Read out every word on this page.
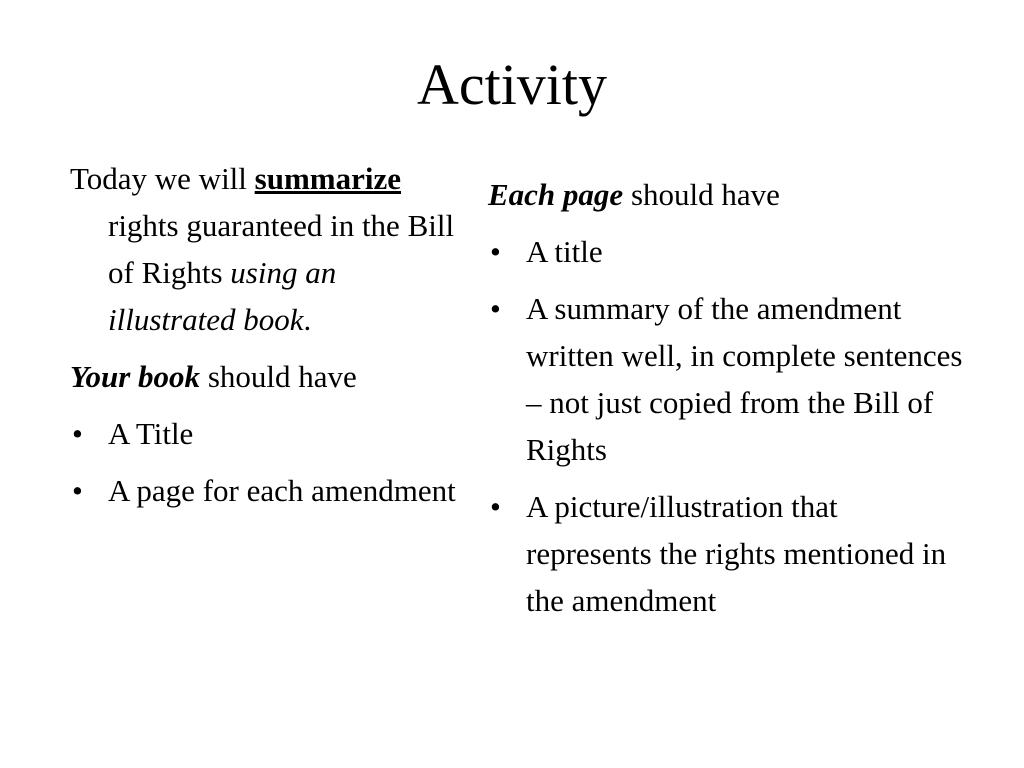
Activity

Today we will summarize rights guaranteed in the Bill of Rights using an illustrated book.

Your book should have

• A Title
• A page for each amendment

Each page should have

• A title
• A summary of the amendment written well, in complete sentences – not just copied from the Bill of Rights
• A picture/illustration that represents the rights mentioned in the amendment
